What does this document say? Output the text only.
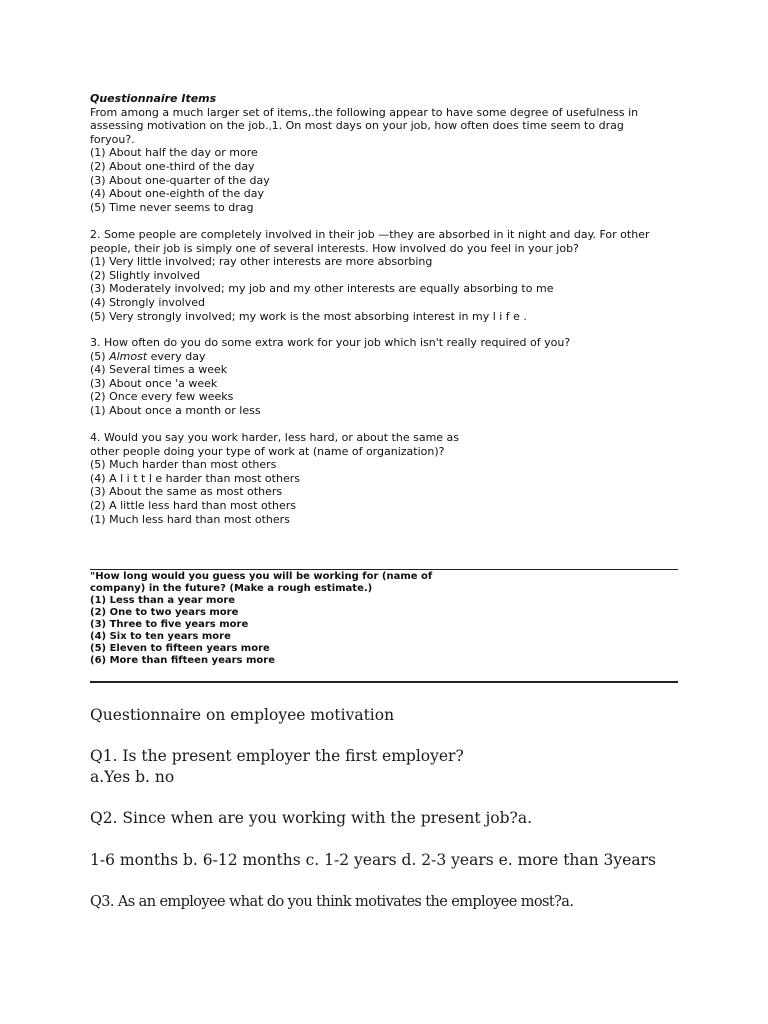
Questionnaire Items
From among a much larger set of items,.the following appear to have some degree of usefulness in
assessing motivation on the job.ˌ1. On most days on your job, how often does time seem to drag
foryou?.
(1) About half the day or more
(2) About one-third of the day
(3) About one-quarter of the day
(4) About one-eighth of the day
(5) Time never seems to drag
2. Some people are completely involved in their job —they are absorbed in it night and day. For other
people, their job is simply one of several interests. How involved do you feel in your job?
(1) Very little involved; ray other interests are more absorbing
(2) Slightly involved
(3) Moderately involved; my job and my other interests are equally absorbing to me
(4) Strongly involved
(5) Very strongly involved; my work is the most absorbing interest in my l i f e .
3. How often do you do some extra work for your job which isn't really required of you?
(5) Almost every day
(4) Several times a week
(3) About once 'a week
(2) Once every few weeks
(1) About once a month or less
4. Would you say you work harder, less hard, or about the same as
other people doing your type of work at (name of organization)?
(5) Much harder than most others
(4) A l i t t l e harder than most others
(3) About the same as most others
(2) A little less hard than most others
(1) Much less hard than most others
"How long would you guess you will be working for (name of
company) in the future? (Make a rough estimate.)
(1) Less than a year more
(2) One to two years more
(3) Three to five years more
(4) Six to ten years more
(5) Eleven to fifteen years more
(6) More than fifteen years more
Questionnaire on employee motivation
Q1. Is the present employer the first employer?
a.Yes b. no
Q2. Since when are you working with the present job?a.
1-6 months b. 6-12 months c. 1-2 years d. 2-3 years e. more than 3years
Q3. As an employee what do you think motivates the employee most?a.
